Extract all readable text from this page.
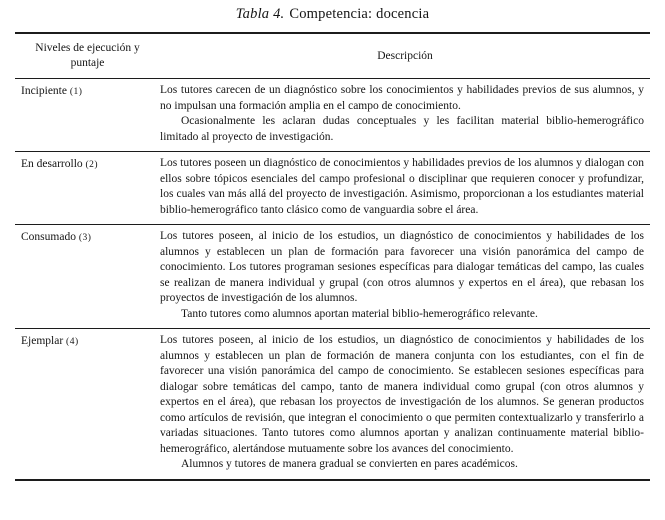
Tabla 4. Competencia: docencia
Niveles de ejecución y puntaje
Descripción
Incipiente (1)	Los tutores carecen de un diagnóstico sobre los conocimientos y habilidades previos de sus alumnos, y no impulsan una formación amplia en el campo de conocimiento.

Ocasionalmente les aclaran dudas conceptuales y les facilitan material biblio-hemerográfico limitado al proyecto de investigación.

En desarrollo (2)	Los tutores poseen un diagnóstico de conocimientos y habilidades previos de los alumnos y dialogan con ellos sobre tópicos esenciales del campo profesional o disciplinar que requieren conocer y profundizar, los cuales van más allá del proyecto de investigación. Asimismo, proporcionan a los estudiantes material biblio-hemerográfico tanto clásico como de vanguardia sobre el área.

Consumado (3)	Los tutores poseen, al inicio de los estudios, un diagnóstico de conocimientos y habilidades de los alumnos y establecen un plan de formación para favorecer una visión panorámica del campo de conocimiento. Los tutores programan sesiones específicas para dialogar temáticas del campo, las cuales se realizan de manera individual y grupal (con otros alumnos y expertos en el área), que rebasan los proyectos de investigación de los alumnos.

Tanto tutores como alumnos aportan material biblio-hemerográfico relevante.

Ejemplar (4)	Los tutores poseen, al inicio de los estudios, un diagnóstico de conocimientos y habilidades de los alumnos y establecen un plan de formación de manera conjunta con los estudiantes, con el fin de favorecer una visión panorámica del campo de conocimiento. Se establecen sesiones específicas para dialogar sobre temáticas del campo, tanto de manera individual como grupal (con otros alumnos y expertos en el área), que rebasan los proyectos de investigación de los alumnos. Se generan productos como artículos de revisión, que integran el conocimiento o que permiten contextualizarlo y transferirlo a variadas situaciones. Tanto tutores como alumnos aportan y analizan continuamente material biblio-hemerográfico, alertándose mutuamente sobre los avances del conocimiento.

Alumnos y tutores de manera gradual se convierten en pares académicos.
